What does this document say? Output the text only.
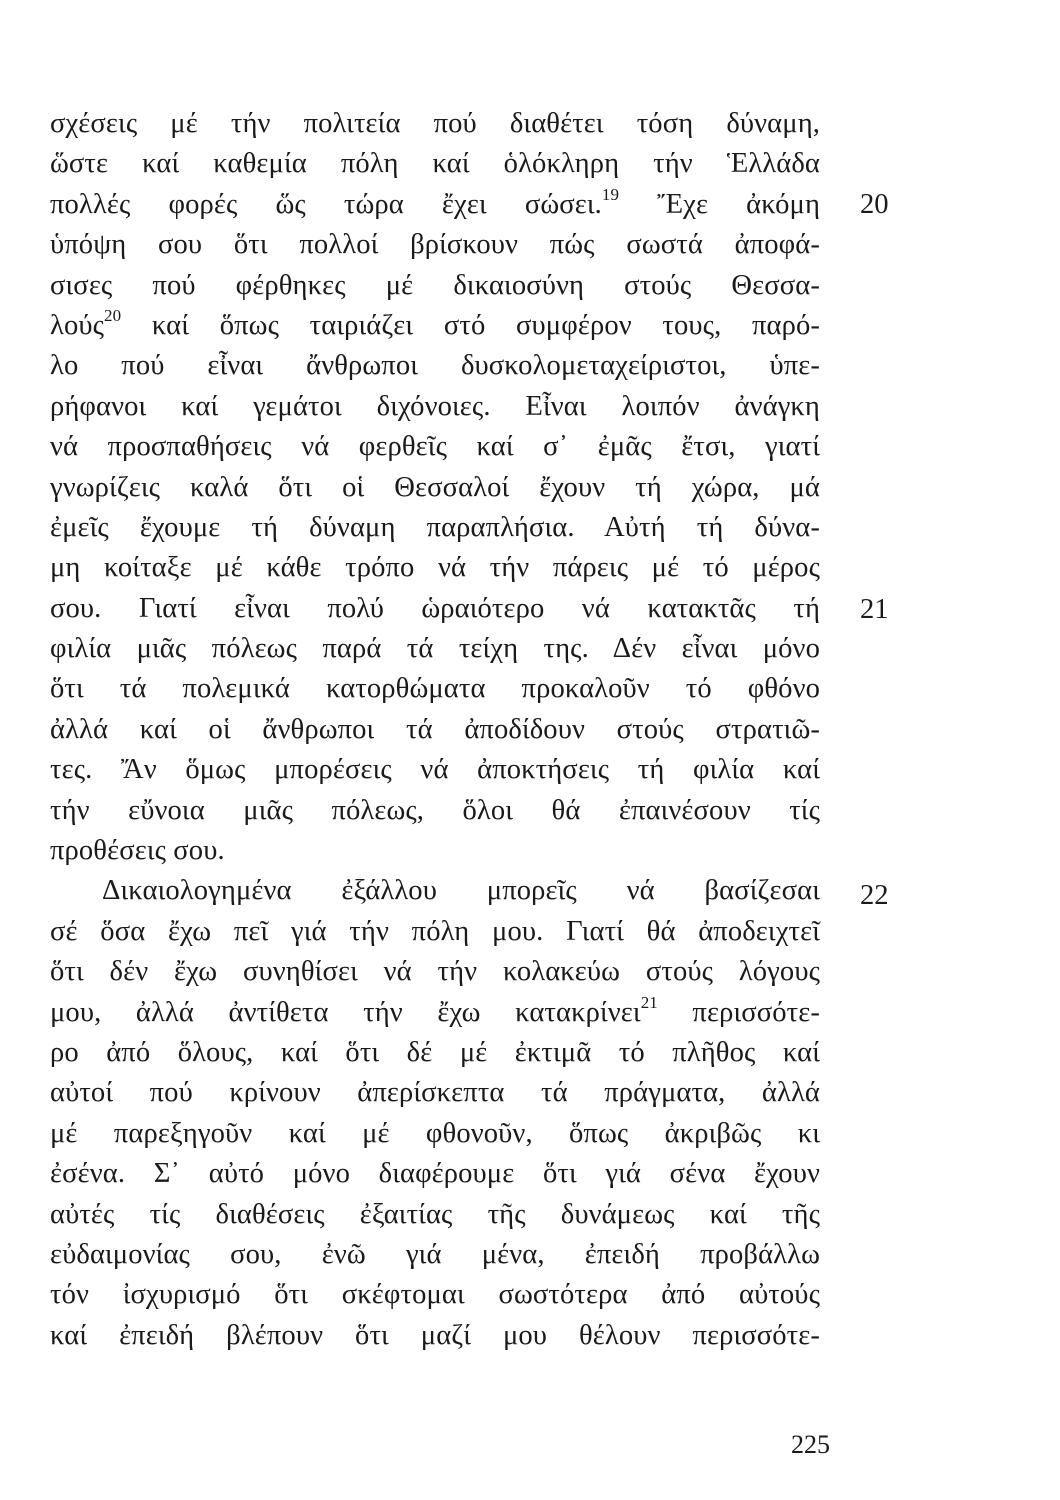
σχέσεις μέ τήν πολιτεία πού διαθέτει τόση δύναμη,
ὥστε καί καθεμία πόλη καί ὁλόκληρη τήν Ἑλλάδα
πολλές φορές ὥς τώρα ἔχει σώσει.$^{19}$ Ἔχε ἀκόμη
ὑπόψη σου ὅτι πολλοί βρίσκουν πώς σωστά ἀποφά-
σισες πού φέρθηκες μέ δικαιοσύνη στούς Θεσσα-
λούς$^{20}$ καί ὅπως ταιριάζει στό συμφέρον τους, παρό-
λο πού εἶναι ἄνθρωποι δυσκολομεταχείριστοι, ὑπε-
ρήφανοι καί γεμάτοι διχόνοιες. Εἶναι λοιπόν ἀνάγκη
νά προσπαθήσεις νά φερθεῖς καί σ᾿ ἐμᾶς ἔτσι, γιατί
γνωρίζεις καλά ὅτι οἱ Θεσσαλοί ἔχουν τή χώρα, μά
ἐμεῖς ἔχουμε τή δύναμη παραπλήσια. Αὐτή τή δύνα-
μη κοίταξε μέ κάθε τρόπο νά τήν πάρεις μέ τό μέρος
σου. Γιατί εἶναι πολύ ὡραιότερο νά κατακτᾶς τή
φιλία μιᾶς πόλεως παρά τά τείχη της. Δέν εἶναι μόνο
ὅτι τά πολεμικά κατορθώματα προκαλοῦν τό φθόνο
ἀλλά καί οἱ ἄνθρωποι τά ἀποδίδουν στούς στρατιῶ-
τες. Ἄν ὅμως μπορέσεις νά ἀποκτήσεις τή φιλία καί
τήν εὔνοια μιᾶς πόλεως, ὅλοι θά ἐπαινέσουν τίς
προθέσεις σου.
Δικαιολογημένα ἐξάλλου μπορεῖς νά βασίζεσαι
σέ ὅσα ἔχω πεῖ γιά τήν πόλη μου. Γιατί θά ἀποδειχτεῖ
ὅτι δέν ἔχω συνηθίσει νά τήν κολακεύω στούς λόγους
μου, ἀλλά ἀντίθετα τήν ἔχω κατακρίνει$^{21}$ περισσότε-
ρο ἀπό ὅλους, καί ὅτι δέ μέ ἐκτιμᾶ τό πλῆθος καί
αὐτοί πού κρίνουν ἀπερίσκεπτα τά πράγματα, ἀλλά
μέ παρεξηγοῦν καί μέ φθονοῦν, ὅπως ἀκριβῶς κι
ἐσένα. Σ᾿ αὐτό μόνο διαφέρουμε ὅτι γιά σένα ἔχουν
αὐτές τίς διαθέσεις ἐξαιτίας τῆς δυνάμεως καί τῆς
εὐδαιμονίας σου, ἐνῶ γιά μένα, ἐπειδή προβάλλω
τόν ἰσχυρισμό ὅτι σκέφτομαι σωστότερα ἀπό αὐτούς
καί ἐπειδή βλέπουν ὅτι μαζί μου θέλουν περισσότε-
20
21
22
225
